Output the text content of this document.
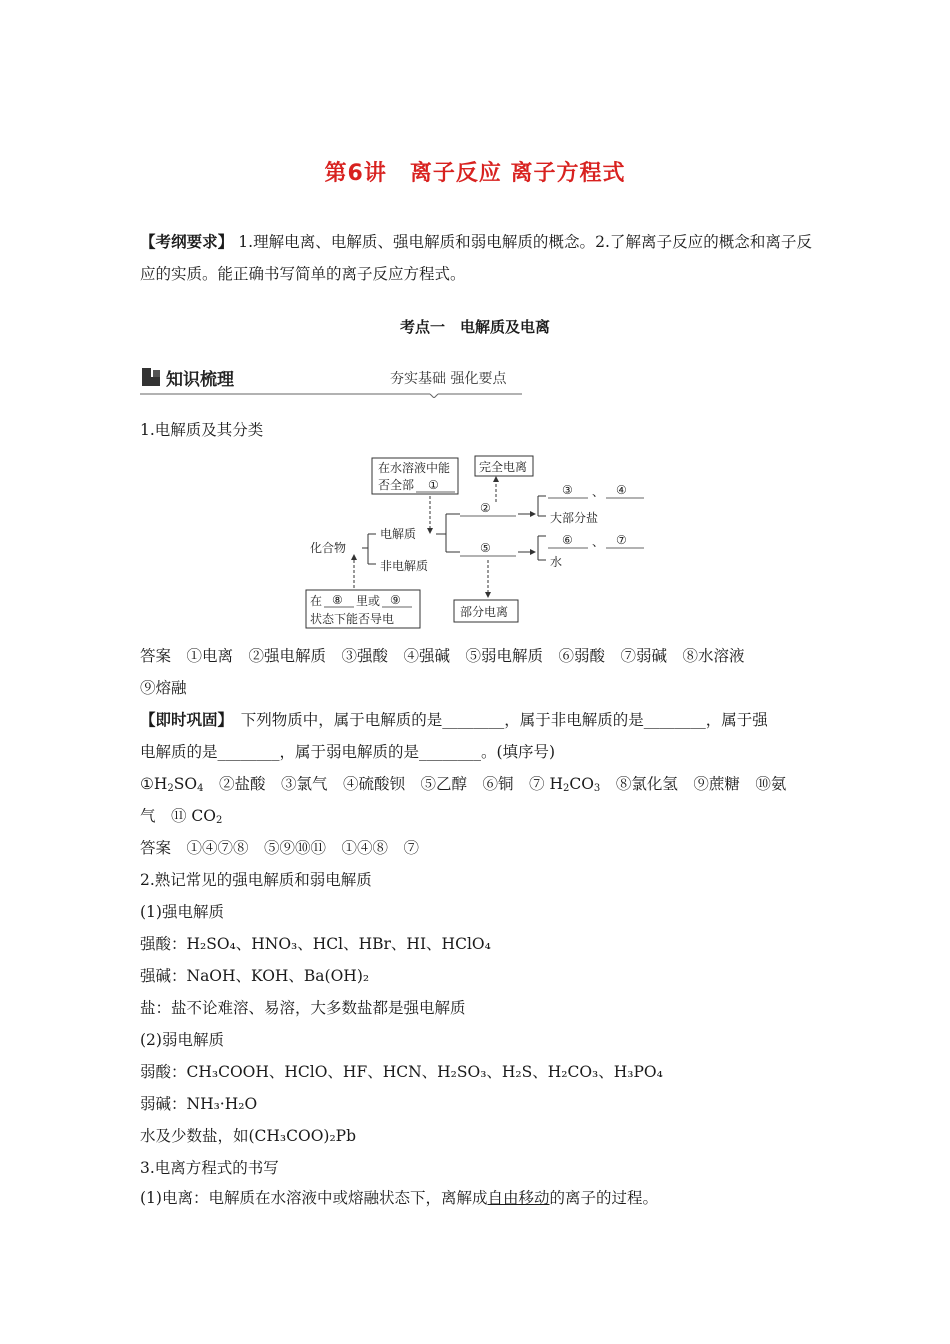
第6讲　离子反应 离子方程式
【考纲要求】 1.理解电离、电解质、强电解质和弱电解质的概念。2.了解离子反应的概念和离子反应的实质。能正确书写简单的离子反应方程式。
考点一　电解质及电离
知识梳理	夯实基础 强化要点
1.电解质及其分类
在水溶液中能
否全部 ①
完全电离
化合物
电解质
非电解质
②
⑤
③ 、 ④
大部分盐
⑥ 、 ⑦
水
部分电离
在 ⑧ 里或 ⑨
状态下能否导电
答案　①电离　②强电解质　③强酸　④强碱　⑤弱电解质　⑥弱酸　⑦弱碱　⑧水溶液
⑨熔融
【即时巩固】　下列物质中，属于电解质的是________，属于非电解质的是________，属于强
电解质的是________，属于弱电解质的是________。(填序号)
$①H_2SO_4$　 ②盐酸　③氯气　④硫酸钡　⑤乙醇　⑥铜　⑦ $H_2CO_3$　 ⑧氯化氢　⑨蔗糖　⑩氨
气　⑪ $CO_2$
答案　①④⑦⑧　⑤⑨⑩⑪　①④⑧　⑦
2.熟记常见的强电解质和弱电解质
(1)强电解质
强酸：H₂SO₄、HNO₃、HCl、HBr、HI、HClO₄
强碱：NaOH、KOH、Ba(OH)₂
盐：盐不论难溶、易溶，大多数盐都是强电解质
(2)弱电解质
弱酸：CH₃COOH、HClO、HF、HCN、H₂SO₃、H₂S、H₂CO₃、H₃PO₄
弱碱：NH₃·H₂O
水及少数盐，如(CH₃COO)₂Pb
3.电离方程式的书写
(1)电离：电解质在水溶液中或熔融状态下，离解成自由移动的离子的过程。
